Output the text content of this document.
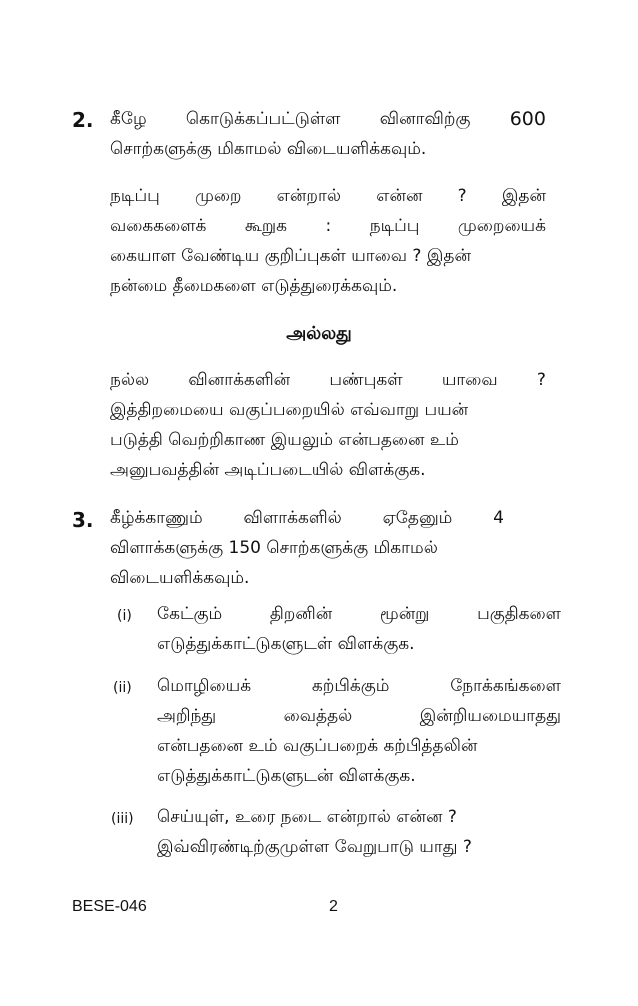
2. கீழே கொடுக்கப்பட்டுள்ள வினாவிற்கு 600
சொற்களுக்கு மிகாமல் விடையளிக்கவும்.
நடிப்பு முறை என்றால் என்ன ? இதன்
வகைகளைக் கூறுக : நடிப்பு முறையைக்
கையாள வேண்டிய குறிப்புகள் யாவை ? இதன்
நன்மை தீமைகளை எடுத்துரைக்கவும்.
அல்லது
நல்ல வினாக்களின் பண்புகள் யாவை ?
இத்திறமையை வகுப்பறையில் எவ்வாறு பயன்
படுத்தி வெற்றிகாண இயலும் என்பதனை உம்
அனுபவத்தின் அடிப்படையில் விளக்குக.
3. கீழ்க்காணும் விளாக்களில் ஏதேனும் 4
விளாக்களுக்கு 150 சொற்களுக்கு மிகாமல்
விடையளிக்கவும்.
(i) கேட்கும்	திறனின்	மூன்று	பகுதிகளை
எடுத்துக்காட்டுகளுடள் விளக்குக.
(ii) மொழியைக்	கற்பிக்கும்	நோக்கங்களை
அறிந்து	வைத்தல்	இன்றியமையாதது
என்பதனை உம் வகுப்பறைக் கற்பித்தலின்
எடுத்துக்காட்டுகளுடன் விளக்குக.
(iii) செய்யுள், உரை நடை என்றால் என்ன ?
இவ்விரண்டிற்குமுள்ள வேறுபாடு யாது ?
BESE-046	2
